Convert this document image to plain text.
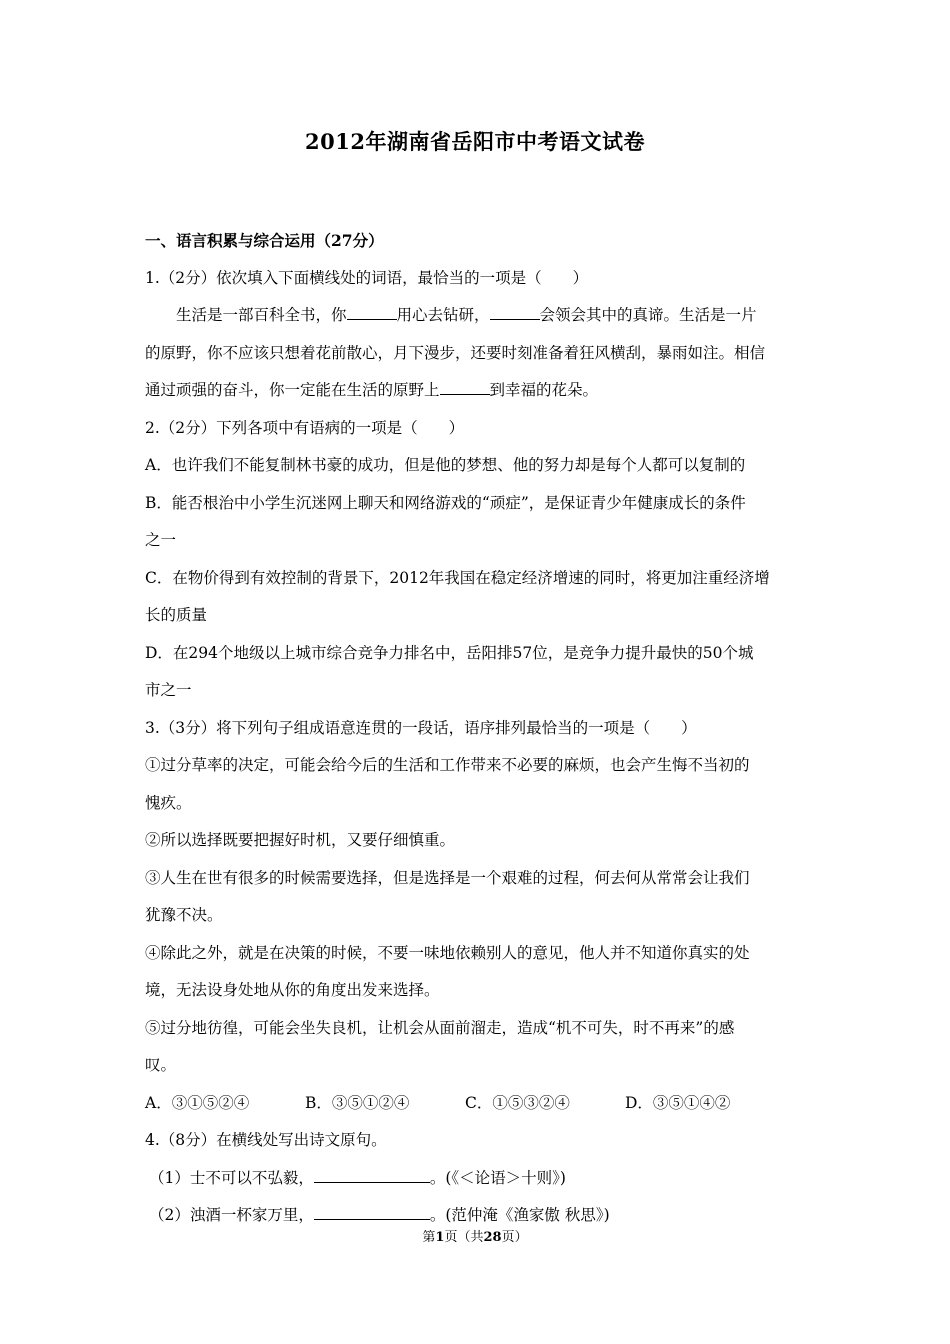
2012年湖南省岳阳市中考语文试卷
一、语言积累与综合运用（27分）
1.（2分）依次填入下面横线处的词语，最恰当的一项是（　　）
生活是一部百科全书，你	用心去钻研，	会领会其中的真谛。生活是一片
的原野，你不应该只想着花前散心，月下漫步，还要时刻准备着狂风横刮，暴雨如注。相信
通过顽强的奋斗，你一定能在生活的原野上	到幸福的花朵。
2.（2分）下列各项中有语病的一项是（　　）
A．也许我们不能复制林书豪的成功，但是他的梦想、他的努力却是每个人都可以复制的
B．能否根治中小学生沉迷网上聊天和网络游戏的“顽症”，是保证青少年健康成长的条件
之一
C．在物价得到有效控制的背景下，2012年我国在稳定经济增速的同时，将更加注重经济增
长的质量
D．在294个地级以上城市综合竞争力排名中，岳阳排57位，是竞争力提升最快的50个城
市之一
3.（3分）将下列句子组成语意连贯的一段话，语序排列最恰当的一项是（　　）
①过分草率的决定，可能会给今后的生活和工作带来不必要的麻烦，也会产生悔不当初的
愧疚。
②所以选择既要把握好时机，又要仔细慎重。
③人生在世有很多的时候需要选择，但是选择是一个艰难的过程，何去何从常常会让我们
犹豫不决。
④除此之外，就是在决策的时候，不要一味地依赖别人的意见，他人并不知道你真实的处
境，无法设身处地从你的角度出发来选择。
⑤过分地彷徨，可能会坐失良机，让机会从面前溜走，造成“机不可失，时不再来”的感
叹。
A．③①⑤②④	B．③⑤①②④	C．①⑤③②④	D．③⑤①④②
4.（8分）在横线处写出诗文原句。
（1）士不可以不弘毅，	。(《＜论语＞十则》)
（2）浊酒一杯家万里，	。(范仲淹《渔家傲 秋思》)
第1页（共28页）
